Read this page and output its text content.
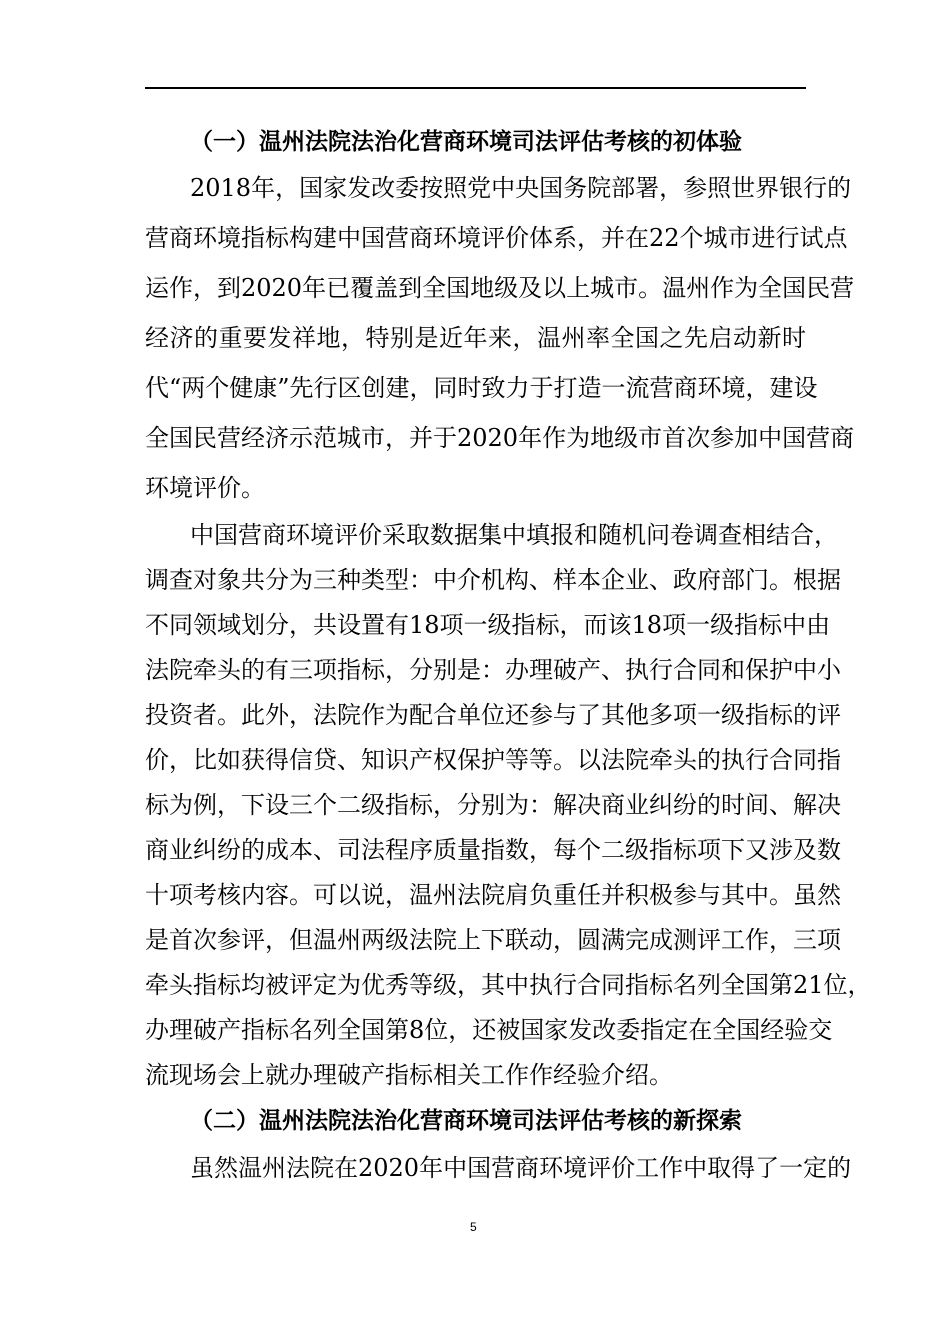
（一）温州法院法治化营商环境司法评估考核的初体验
2018年，国家发改委按照党中央国务院部署，参照世界银行的
营商环境指标构建中国营商环境评价体系，并在22个城市进行试点
运作，到2020年已覆盖到全国地级及以上城市。温州作为全国民营
经济的重要发祥地，特别是近年来，温州率全国之先启动新时
代“两个健康”先行区创建，同时致力于打造一流营商环境，建设
全国民营经济示范城市，并于2020年作为地级市首次参加中国营商
环境评价。
中国营商环境评价采取数据集中填报和随机问卷调查相结合，
调查对象共分为三种类型：中介机构、样本企业、政府部门。根据
不同领域划分，共设置有18项一级指标，而该18项一级指标中由
法院牵头的有三项指标，分别是：办理破产、执行合同和保护中小
投资者。此外，法院作为配合单位还参与了其他多项一级指标的评
价，比如获得信贷、知识产权保护等等。以法院牵头的执行合同指
标为例，下设三个二级指标，分别为：解决商业纠纷的时间、解决
商业纠纷的成本、司法程序质量指数，每个二级指标项下又涉及数
十项考核内容。可以说，温州法院肩负重任并积极参与其中。虽然
是首次参评，但温州两级法院上下联动，圆满完成测评工作，三项
牵头指标均被评定为优秀等级，其中执行合同指标名列全国第21位，
办理破产指标名列全国第8位，还被国家发改委指定在全国经验交
流现场会上就办理破产指标相关工作作经验介绍。
（二）温州法院法治化营商环境司法评估考核的新探索
虽然温州法院在2020年中国营商环境评价工作中取得了一定的
5
